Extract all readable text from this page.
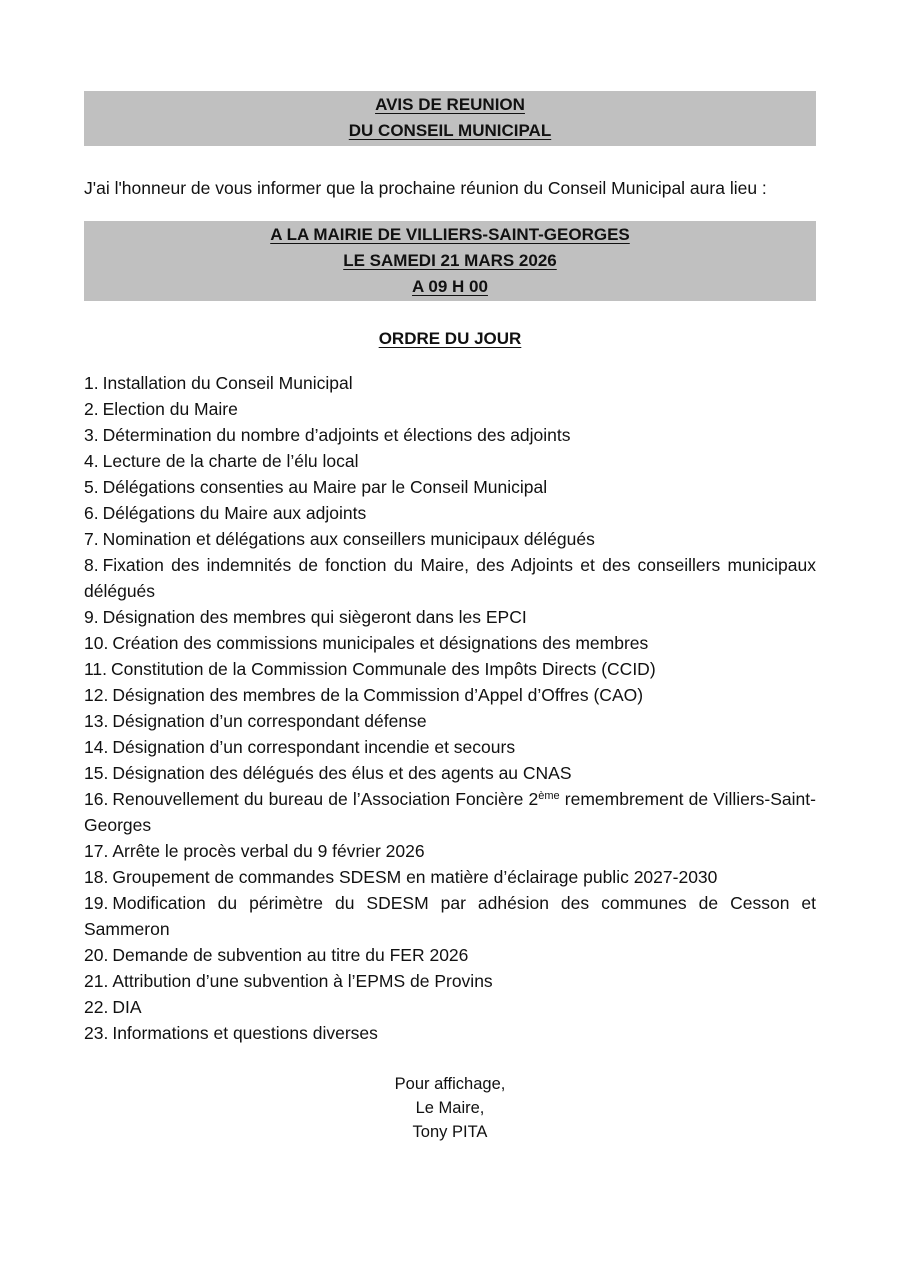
AVIS DE REUNION
DU CONSEIL MUNICIPAL
J'ai l'honneur de vous informer que la prochaine réunion du Conseil Municipal aura lieu :
A LA MAIRIE DE VILLIERS-SAINT-GEORGES
LE SAMEDI 21 MARS 2026
A 09 H 00
ORDRE DU JOUR
1. Installation du Conseil Municipal
2. Election du Maire
3. Détermination du nombre d’adjoints et élections des adjoints
4. Lecture de la charte de l’élu local
5. Délégations consenties au Maire par le Conseil Municipal
6. Délégations du Maire aux adjoints
7. Nomination et délégations aux conseillers municipaux délégués
8. Fixation des indemnités de fonction du Maire, des Adjoints et des conseillers municipaux délégués
9. Désignation des membres qui siègeront dans les EPCI
10. Création des commissions municipales et désignations des membres
11. Constitution de la Commission Communale des Impôts Directs (CCID)
12. Désignation des membres de la Commission d’Appel d’Offres (CAO)
13. Désignation d’un correspondant défense
14. Désignation d’un correspondant incendie et secours
15. Désignation des délégués des élus et des agents au CNAS
16. Renouvellement du bureau de l’Association Foncière 2ème remembrement de Villiers-Saint-Georges
17. Arrête le procès verbal du 9 février 2026
18. Groupement de commandes SDESM en matière d’éclairage public 2027-2030
19. Modification du périmètre du SDESM par adhésion des communes de Cesson et Sammeron
20. Demande de subvention au titre du FER 2026
21. Attribution d’une subvention à l’EPMS de Provins
22. DIA
23. Informations et questions diverses
Pour affichage,
Le Maire,
Tony PITA
